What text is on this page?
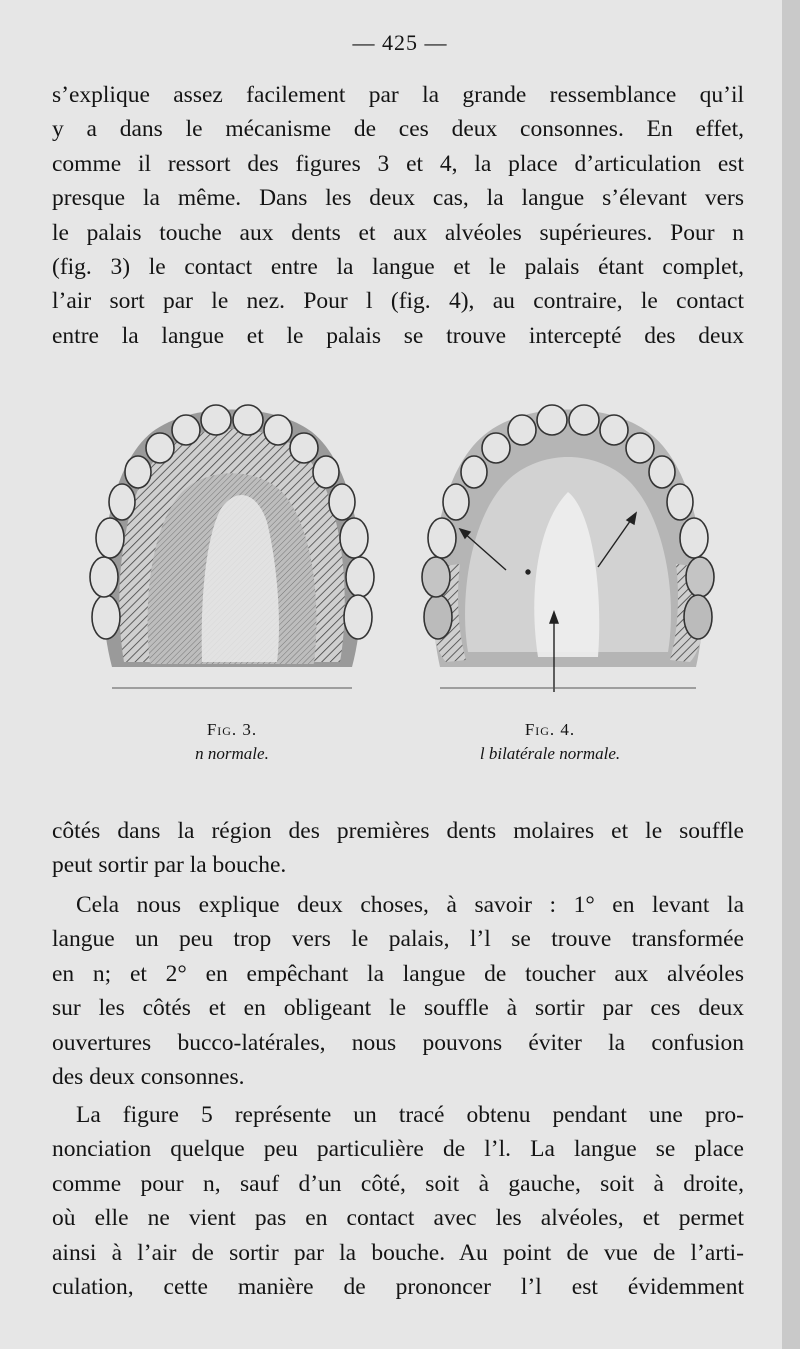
— 425 —

s’explique assez facilement par la grande ressemblance qu’il
y a dans le mécanisme de ces deux consonnes. En effet,
comme il ressort des figures 3 et 4, la place d’articulation est
presque la même. Dans les deux cas, la langue s’élevant vers
le palais touche aux dents et aux alvéoles supérieures. Pour n
(fig. 3) le contact entre la langue et le palais étant complet,
l’air sort par le nez. Pour l (fig. 4), au contraire, le contact
entre la langue et le palais se trouve intercepté des deux

Fig. 3.
n normale.
Fig. 4.
l bilatérale normale.

côtés dans la région des premières dents molaires et le souffle
peut sortir par la bouche.

Cela nous explique deux choses, à savoir : 1° en levant la
langue un peu trop vers le palais, l’l se trouve transformée
en n; et 2° en empêchant la langue de toucher aux alvéoles
sur les côtés et en obligeant le souffle à sortir par ces deux
ouvertures bucco-latérales, nous pouvons éviter la confusion
des deux consonnes.

La figure 5 représente un tracé obtenu pendant une pro-
nonciation quelque peu particulière de l’l. La langue se place
comme pour n, sauf d’un côté, soit à gauche, soit à droite,
où elle ne vient pas en contact avec les alvéoles, et permet
ainsi à l’air de sortir par la bouche. Au point de vue de l’arti-
culation, cette manière de prononcer l’l est évidemment
